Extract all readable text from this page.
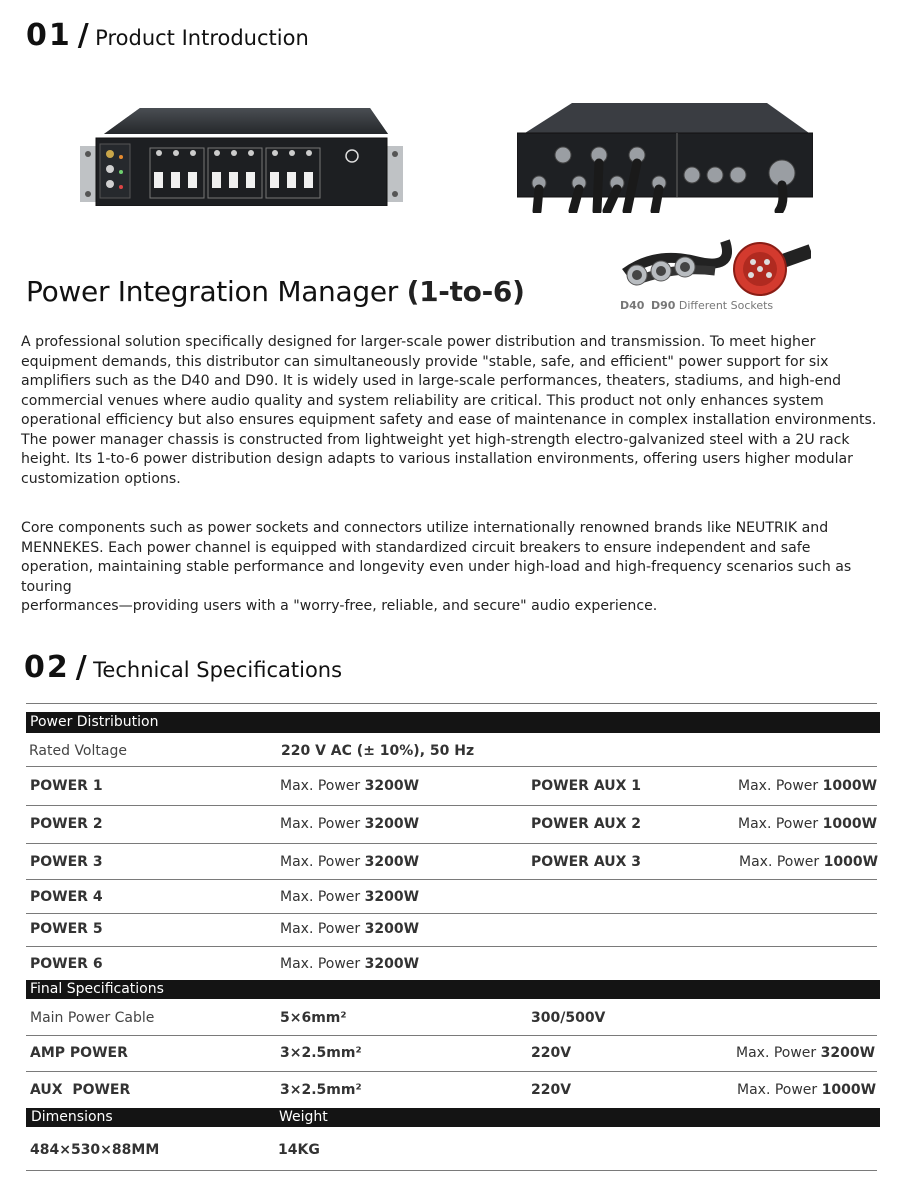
01 / Product Introduction
D40 D90 Different Sockets
Power Integration Manager (1-to-6)
A professional solution specifically designed for larger-scale power distribution and transmission. To meet higher equipment demands, this distributor can simultaneously provide "stable, safe, and efficient" power support for six amplifiers such as the D40 and D90. It is widely used in large-scale performances, theaters, stadiums, and high-end commercial venues where audio quality and system reliability are critical. This product not only enhances system operational efficiency but also ensures equipment safety and ease of maintenance in complex installation environments. The power manager chassis is constructed from lightweight yet high-strength electro-galvanized steel with a 2U rack height. Its 1-to-6 power distribution design adapts to various installation environments, offering users higher modular customization options.
Core components such as power sockets and connectors utilize internationally renowned brands like NEUTRIK and
MENNEKES. Each power channel is equipped with standardized circuit breakers to ensure independent and safe
operation, maintaining stable performance and longevity even under high-load and high-frequency scenarios such as
touring
performances—providing users with a "worry-free, reliable, and secure" audio experience.
02 / Technical Specifications
Power Distribution
Rated Voltage	220 V AC (± 10%), 50 Hz
POWER 1	Max. Power 3200W	POWER AUX 1	Max. Power 1000W
POWER 2	Max. Power 3200W	POWER AUX 2	Max. Power 1000W
POWER 3	Max. Power 3200W	POWER AUX 3	Max. Power 1000W
POWER 4	Max. Power 3200W
POWER 5	Max. Power 3200W
POWER 6	Max. Power 3200W
Final Specifications
Main Power Cable	5×6mm²	300/500V
AMP POWER	3×2.5mm²	220V	Max. Power 3200W
AUX  POWER	3×2.5mm²	220V	Max. Power 1000W
Dimensions	Weight
484×530×88MM	14KG
